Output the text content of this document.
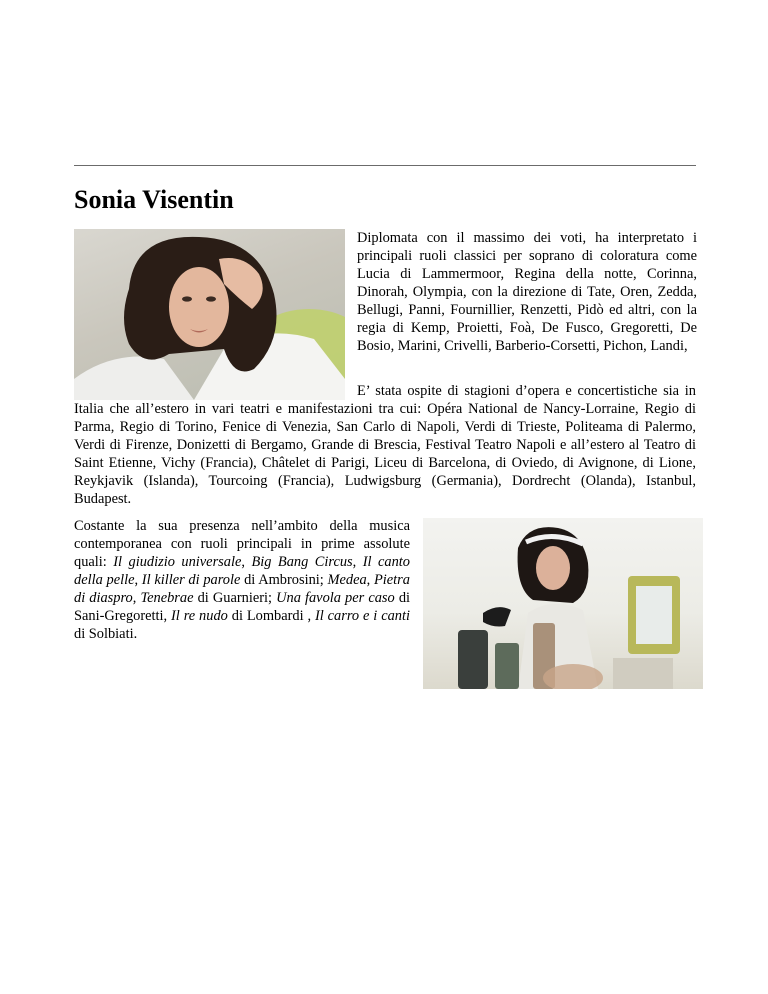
Sonia Visentin

Diplomata con il massimo dei voti, ha interpretato i principali ruoli classici per soprano di coloratura come Lucia di Lammermoor, Regina della notte, Corinna, Dinorah, Olympia, con la direzione di Tate, Oren, Zedda, Bellugi, Panni, Fournillier, Renzetti, Pidò ed altri, con la regia di Kemp, Proietti, Foà, De Fusco, Gregoretti, De Bosio, Marini, Crivelli, Barberio-Corsetti, Pichon, Landi,

E’ stata ospite di stagioni d’opera e concertistiche sia in Italia che all’estero in vari teatri e manifestazioni tra cui: Opéra National de Nancy-Lorraine, Regio di Parma, Regio di Torino, Fenice di Venezia, San Carlo di Napoli, Verdi di Trieste, Politeama di Palermo, Verdi di Firenze, Donizetti di Bergamo, Grande di Brescia, Festival Teatro Napoli e all’estero al Teatro di Saint Etienne, Vichy (Francia), Châtelet di Parigi, Liceu di Barcelona, di Oviedo, di Avignone, di Lione, Reykjavik (Islanda), Tourcoing (Francia), Ludwigsburg (Germania), Dordrecht (Olanda), Istanbul, Budapest.

Costante la sua presenza nell’ambito della musica contemporanea con ruoli principali in prime assolute quali: Il giudizio universale, Big Bang Circus, Il canto della pelle, Il killer di parole di Ambrosini; Medea, Pietra di diaspro, Tenebrae di Guarnieri; Una favola per caso di Sani-Gregoretti, Il re nudo di Lombardi , Il carro e i canti di Solbiati.
